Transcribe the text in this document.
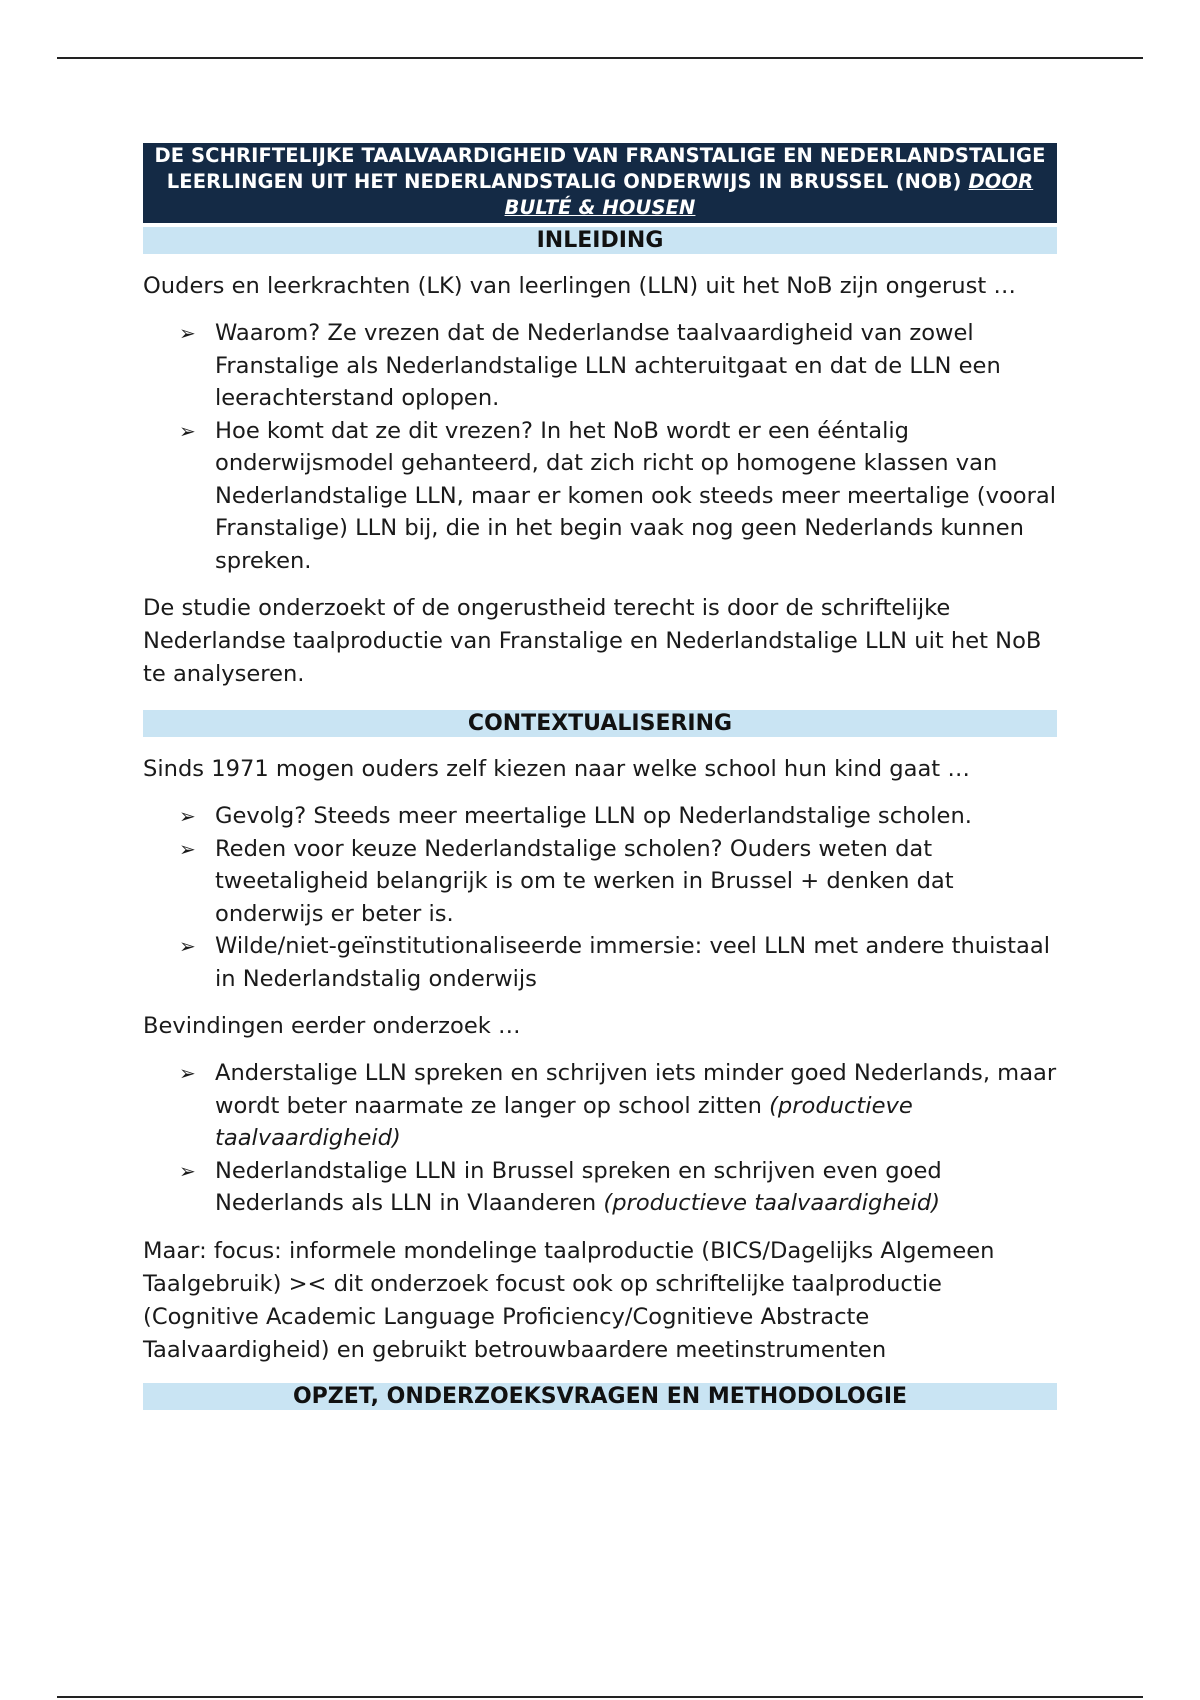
DE SCHRIFTELIJKE TAALVAARDIGHEID VAN FRANSTALIGE EN NEDERLANDSTALIGE
LEERLINGEN UIT HET NEDERLANDSTALIG ONDERWIJS IN BRUSSEL (NOB) DOOR
BULTÉ & HOUSEN
INLEIDING

Ouders en leerkrachten (LK) van leerlingen (LLN) uit het NoB zijn ongerust …

➢ Waarom? Ze vrezen dat de Nederlandse taalvaardigheid van zowel Franstalige als Nederlandstalige LLN achteruitgaat en dat de LLN een leerachterstand oplopen.
➢ Hoe komt dat ze dit vrezen? In het NoB wordt er een ééntalig onderwijsmodel gehanteerd, dat zich richt op homogene klassen van Nederlandstalige LLN, maar er komen ook steeds meer meertalige (vooral Franstalige) LLN bij, die in het begin vaak nog geen Nederlands kunnen spreken.

De studie onderzoekt of de ongerustheid terecht is door de schriftelijke Nederlandse taalproductie van Franstalige en Nederlandstalige LLN uit het NoB te analyseren.

CONTEXTUALISERING

Sinds 1971 mogen ouders zelf kiezen naar welke school hun kind gaat …

➢ Gevolg? Steeds meer meertalige LLN op Nederlandstalige scholen.
➢ Reden voor keuze Nederlandstalige scholen? Ouders weten dat tweetaligheid belangrijk is om te werken in Brussel + denken dat onderwijs er beter is.
➢ Wilde/niet-geïnstitutionaliseerde immersie: veel LLN met andere thuistaal in Nederlandstalig onderwijs

Bevindingen eerder onderzoek …

➢ Anderstalige LLN spreken en schrijven iets minder goed Nederlands, maar wordt beter naarmate ze langer op school zitten (productieve taalvaardigheid)
➢ Nederlandstalige LLN in Brussel spreken en schrijven even goed Nederlands als LLN in Vlaanderen (productieve taalvaardigheid)

Maar: focus: informele mondelinge taalproductie (BICS/Dagelijks Algemeen Taalgebruik) >< dit onderzoek focust ook op schriftelijke taalproductie (Cognitive Academic Language Proficiency/Cognitieve Abstracte Taalvaardigheid) en gebruikt betrouwbaardere meetinstrumenten

OPZET, ONDERZOEKSVRAGEN EN METHODOLOGIE
